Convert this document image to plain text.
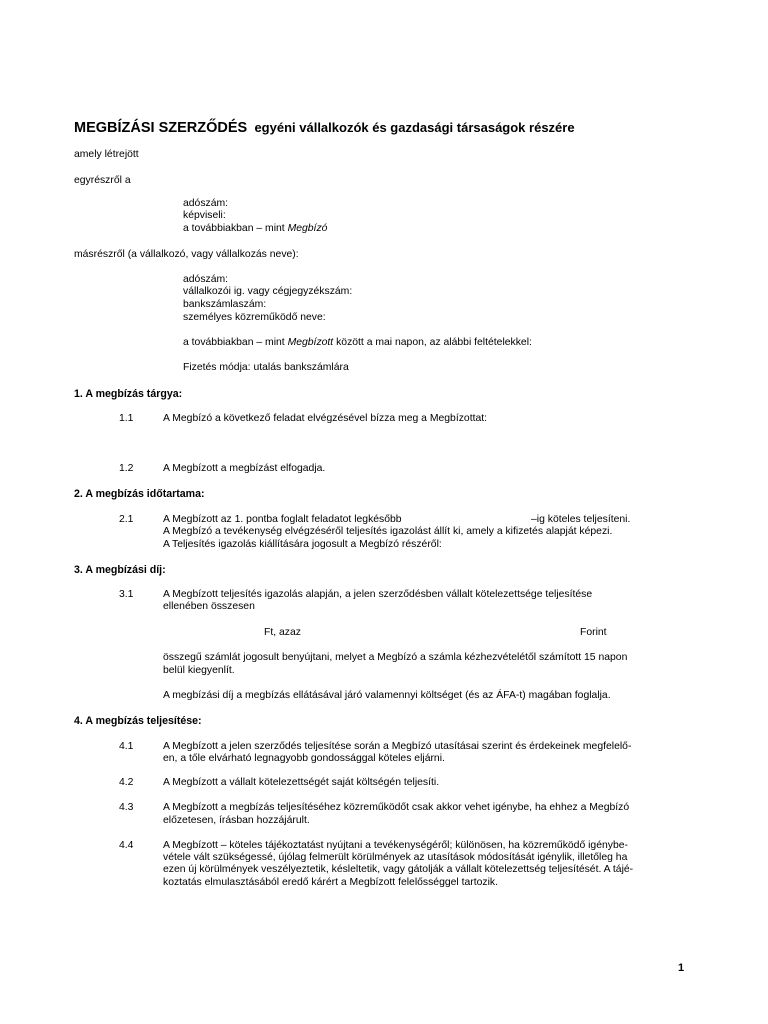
MEGBÍZÁSI SZERZŐDÉS egyéni vállalkozók és gazdasági társaságok részére
amely létrejött
egyrészről a
adószám:
képviseli:
a továbbiakban – mint Megbízó
másrészről (a vállalkozó, vagy vállalkozás neve):
adószám:
vállalkozói ig. vagy cégjegyzékszám:
bankszámlaszám:
személyes közreműködő neve:
a továbbiakban – mint Megbízott között a mai napon, az alábbi feltételekkel:
Fizetés módja: utalás bankszámlára
1. A megbízás tárgya:
1.1	A Megbízó a következő feladat elvégzésével bízza meg a Megbízottat:
1.2	A Megbízott a megbízást elfogadja.
2. A megbízás időtartama:
2.1	A Megbízott az 1. pontba foglalt feladatot legkésőbb	–ig köteles teljesíteni.
A Megbízó a tevékenység elvégzéséről teljesítés igazolást állít ki, amely a kifizetés alapját képezi.
A Teljesítés igazolás kiállítására jogosult a Megbízó részéről:
3. A megbízási díj:
3.1	A Megbízott teljesítés igazolás alapján, a jelen szerződésben vállalt kötelezettsége teljesítése
ellenében összesen
Ft, azaz	Forint
összegű számlát jogosult benyújtani, melyet a Megbízó a számla kézhezvételétől számított 15 napon
belül kiegyenlít.
A megbízási díj a megbízás ellátásával járó valamennyi költséget (és az ÁFA-t) magában foglalja.
4. A megbízás teljesítése:
4.1	A Megbízott a jelen szerződés teljesítése során a Megbízó utasításai szerint és érdekeinek megfelelő-
en, a tőle elvárható legnagyobb gondossággal köteles eljárni.
4.2	A Megbízott a vállalt kötelezettségét saját költségén teljesíti.
4.3	A Megbízott a megbízás teljesítéséhez közreműködőt csak akkor vehet igénybe, ha ehhez a Megbízó
előzetesen, írásban hozzájárult.
4.4	A Megbízott – köteles tájékoztatást nyújtani a tevékenységéről; különösen, ha közreműködő igénybe-
vétele vált szükségessé, újólag felmerült körülmények az utasítások módosítását igénylik, illetőleg ha
ezen új körülmények veszélyeztetik, késleltetik, vagy gátolják a vállalt kötelezettség teljesítését. A tájé-
koztatás elmulasztásából eredő kárért a Megbízott felelősséggel tartozik.
1
